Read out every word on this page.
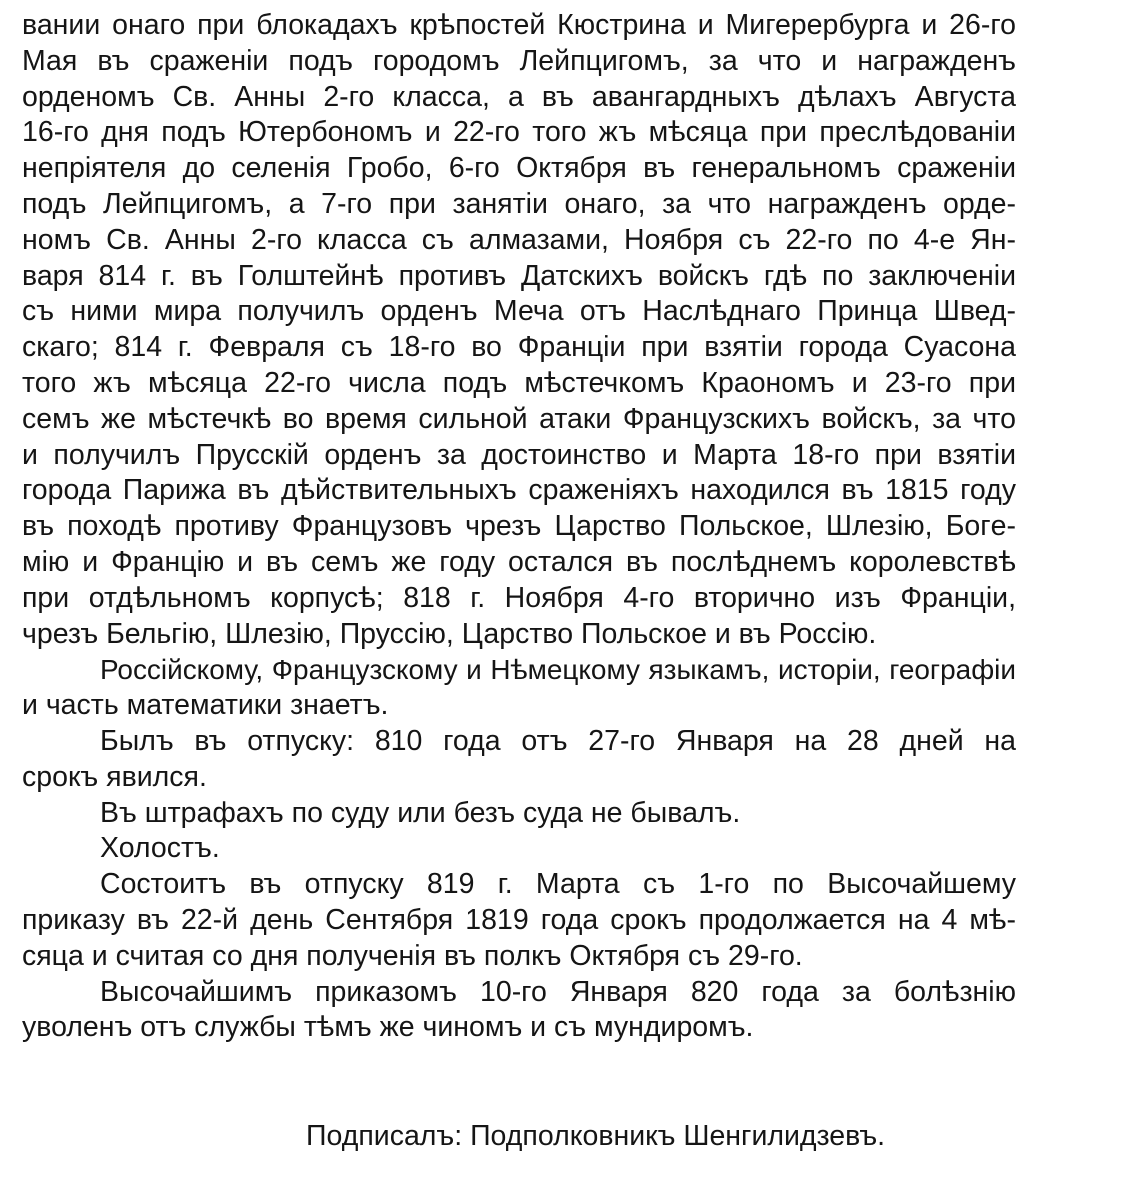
вании онаго при блокадахъ крѣпостей Кюстрина и Мигерербурга и 26-го
Мая въ сраженіи подъ городомъ Лейпцигомъ, за что и награжденъ
орденомъ Св. Анны 2-го класса, а въ авангардныхъ дѣлахъ Августа
16-го дня подъ Ютербономъ и 22-го того жъ мѣсяца при преслѣдованіи
непріятеля до селенія Гробо, 6-го Октября въ генеральномъ сраженіи
подъ Лейпцигомъ, а 7-го при занятіи онаго, за что награжденъ орде-
номъ Св. Анны 2-го класса съ алмазами, Ноября съ 22-го по 4-е Ян-
варя 814 г. въ Голштейнѣ противъ Датскихъ войскъ гдѣ по заключеніи
съ ними мира получилъ орденъ Меча отъ Наслѣднаго Принца Швед-
скаго; 814 г. Февраля съ 18-го во Франціи при взятіи города Суасона
того жъ мѣсяца 22-го числа подъ мѣстечкомъ Краономъ и 23-го при
семъ же мѣстечкѣ во время сильной атаки Французскихъ войскъ, за что
и получилъ Прусскій орденъ за достоинство и Марта 18-го при взятіи
города Парижа въ дѣйствительныхъ сраженіяхъ находился въ 1815 году
въ походѣ противу Французовъ чрезъ Царство Польское, Шлезію, Богe-
мію и Францію и въ семъ же году остался въ послѣднемъ королевствѣ
при отдѣльномъ корпусѣ; 818 г. Ноября 4-го вторично изъ Франціи,
чрезъ Бельгію, Шлезію, Пруссію, Царство Польское и въ Россію.
Россійскому, Французскому и Нѣмецкому языкамъ, исторіи, географіи
и часть математики знаетъ.
Былъ въ отпуску: 810 года отъ 27-го Января на 28 дней на
срокъ явился.
Въ штрафахъ по суду или безъ суда не бывалъ.
Холостъ.
Состоитъ въ отпуску 819 г. Марта съ 1-го по Высочайшему
приказу въ 22-й день Сентября 1819 года срокъ продолжается на 4 мѣ-
сяца и считая со дня полученія въ полкъ Октября съ 29-го.
Высочайшимъ приказомъ 10-го Января 820 года за болѣзнію
уволенъ отъ службы тѣмъ же чиномъ и съ мундиромъ.
Подписалъ: Подполковникъ Шенгилидзевъ.
